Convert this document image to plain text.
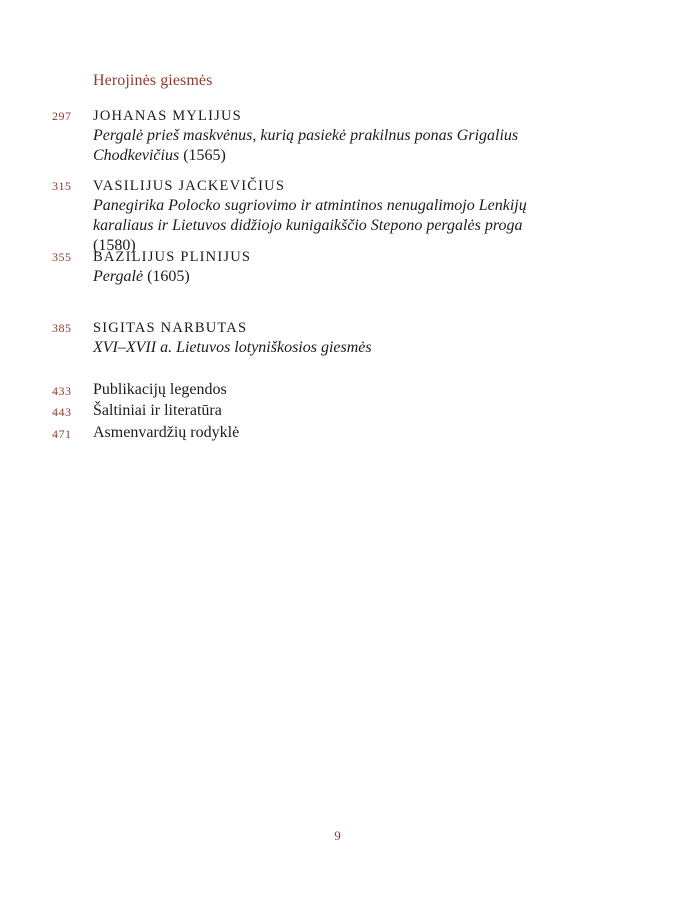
Herojinės giesmės
297	JOHANAS MYLIJUS
Pergalė prieš maskvėnus, kurią pasiekė prakilnus ponas Grigalius
Chodkevičius (1565)
315	VASILIJUS JACKEVIČIUS
Panegirika Polocko sugriovimo ir atmintinos nenugalimojo Lenkijų
karaliaus ir Lietuvos didžiojo kunigaikščio Stepono pergalės proga (1580)
355	BAZILIJUS PLINIJUS
Pergalė (1605)
385	SIGITAS NARBUTAS
XVI–XVII a. Lietuvos lotyniškosios giesmės
433	Publikacijų legendos
443	Šaltiniai ir literatūra
471	Asmenvardžių rodyklė
9
